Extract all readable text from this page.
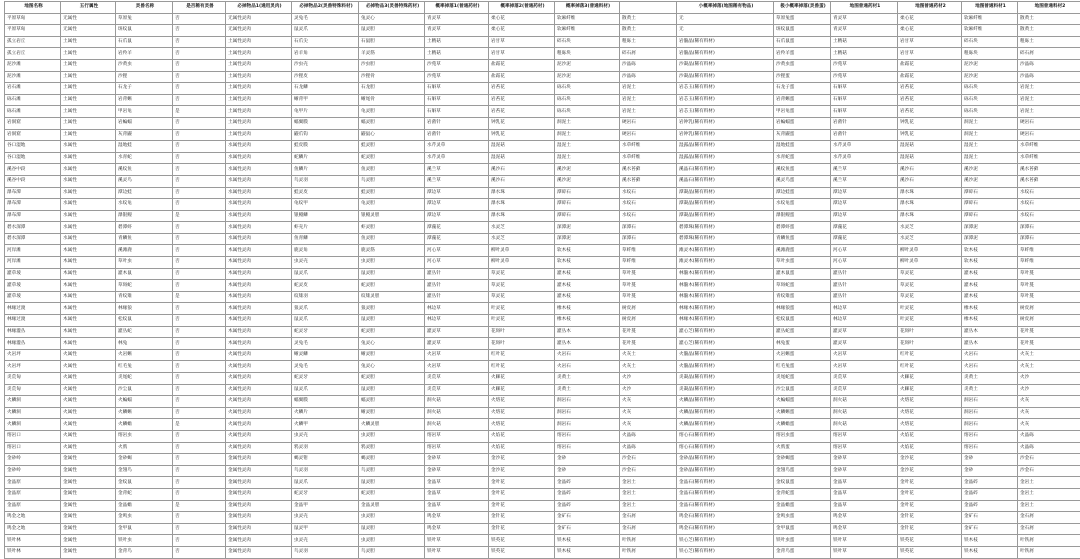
地图名称	五行属性	灵兽名称	是否稀有灵兽	必掉物品1(通用灵肉)	必掉物品2(灵兽特殊料材)	必掉物品3(灵兽特殊药材)	概率掉落1(普通药材)	概率掉落2(普通药材)	概率掉落3(普通料材)		小概率掉落(地图稀有物品)	极小概率掉落(灵兽蛋)	地图普通药材1	地图普通药材2	地图普通料材1	地图普通料材2
平原草甸	无属性	草原兔	否	无属性灵肉	灵兔毛	兔灵心	青灵草	柔心花	软麻纤维	散黄土	无	草原兔蛋	青灵草	柔心花	软麻纤维	散黄土
平原草甸	无属性	斑纹鼠	否	无属性灵肉	鼠灵爪	鼠灵胆	青灵草	柔心花	软麻纤维	散黄土	无	斑纹鼠蛋	青灵草	柔心花	软麻纤维	散黄土
孤立岩丘	土属性	石爪鼠	否	土属性灵肉	石爪尖	石鼠胆	土精菇	岩甘草	碎石块	粗砾土	岩髓晶(稀有料材)	石爪鼠蛋	土精菇	岩甘草	碎石块	粗砾土
孤立岩丘	土属性	岩羚羊	否	土属性灵肉	岩羊角	羊灵筋	土精菇	岩甘草	粗砾块	碎石屑	岩髓晶(稀有料材)	岩羚羊蛋	土精菇	岩甘草	粗砾块	碎石屑
泥沙滩	土属性	沙黄虫	否	土属性灵肉	沙虫壳	沙虫胆	沙苑草	盐霜花	泥沙泥	沙晶砾	沙凝晶(稀有料材)	沙黄虫蛋	沙苑草	盐霜花	泥沙泥	沙晶砾
泥沙滩	土属性	沙狸	否	土属性灵肉	沙狸皮	沙狸骨	沙苑草	盐霜花	泥沙泥	沙晶砾	沙凝晶(稀有料材)	沙狸蛋	沙苑草	盐霜花	泥沙泥	沙晶砾
岩石滩	土属性	石龙子	否	土属性灵肉	石龙鳞	石龙胆	石斛草	岩苔花	砾石块	岩泥土	岩芯玉(稀有料材)	石龙子蛋	石斛草	岩苔花	砾石块	岩泥土
砾石滩	土属性	岩背蜥	否	土属性灵肉	蜥背甲	蜥尾骨	石斛草	岩苔花	砾石块	岩泥土	岩芯玉(稀有料材)	岩背蜥蛋	石斛草	岩苔花	砾石块	岩泥土
砾石滩	土属性	甲岩龟	是	土属性灵肉	龟甲片	龟灵胆	石斛草	岩苔花	砾石块	岩泥土	岩芯玉(稀有料材)	甲岩龟蛋	石斛草	岩苔花	砾石块	岩泥土
岩洞窟	土属性	岩蝙蝠	否	土属性灵肉	蝠翼膜	蝠灵胆	岩菌针	钟乳花	洞泥土	硬岩石	岩钟乳(稀有料材)	岩蝙蝠蛋	岩菌针	钟乳花	洞泥土	硬岩石
岩洞窟	土属性	灰背鼹	否	土属性灵肉	鼹爪钩	鼹鼠心	岩菌针	钟乳花	洞泥土	硬岩石	岩钟乳(稀有料材)	灰背鼹蛋	岩菌针	钟乳花	洞泥土	硬岩石
谷口湿地	水属性	湿地蛙	否	水属性灵肉	蛙皮膜	蛙灵胆	水芹灵草	湿泥菇	湿泥土	水草纤维	湿露晶(稀有料材)	湿地蛙蛋	水芹灵草	湿泥菇	湿泥土	水草纤维
谷口湿地	水属性	水青蛇	否	水属性灵肉	蛇鳞片	蛇灵胆	水芹灵草	湿泥菇	湿泥土	水草纤维	湿露晶(稀有料材)	水青蛇蛋	水芹灵草	湿泥菇	湿泥土	水草纤维
溪谷中段	水属性	溪纹鱼	否	水属性灵肉	鱼鳞片	鱼灵胆	溪兰草	溪沙石	溪沙泥	溪水苔藓	溪晶石(稀有料材)	溪纹鱼蛋	溪兰草	溪沙石	溪沙泥	溪水苔藓
溪谷中段	水属性	溪灵鸟	否	水属性灵肉	鸟灵羽	鸟灵胆	溪兰草	溪沙石	溪沙泥	溪水苔藓	溪晶石(稀有料材)	溪灵鸟蛋	溪兰草	溪沙石	溪沙泥	溪水苔藓
瀑布潭	水属性	潭边蛙	否	水属性灵肉	蛙灵皮	蛙灵胆	潭边草	瀑水珠	潭碎石	水纹石	潭凝晶(稀有料材)	潭边蛙蛋	潭边草	瀑水珠	潭碎石	水纹石
瀑布潭	水属性	水纹龟	否	水属性灵肉	龟纹甲	龟灵胆	潭边草	瀑水珠	潭碎石	水纹石	潭凝晶(稀有料材)	水纹龟蛋	潭边草	瀑水珠	潭碎石	水纹石
瀑布潭	水属性	瀑银鳗	是	水属性灵肉	银鳗鳞	银鳗灵胆	潭边草	瀑水珠	潭碎石	水纹石	潭凝晶(稀有料材)	瀑银鳗蛋	潭边草	瀑水珠	潭碎石	水纹石
碧水深潭	水属性	碧潭虾	否	水属性灵肉	虾壳片	虾灵胆	潭藻花	水灵芝	深潭泥	深潭石	碧潭珠(稀有料材)	碧潭虾蛋	潭藻花	水灵芝	深潭泥	深潭石
碧水深潭	水属性	青鳞鱼	否	水属性灵肉	鱼青鳞	鱼灵胆	潭藻花	水灵芝	深潭泥	深潭石	碧潭珠(稀有料材)	青鳞鱼蛋	潭藻花	水灵芝	深潭泥	深潭石
河岸滩	木属性	溪滩鹿	否	木属性灵肉	鹿灵角	鹿灵筋	河心草	柳叶灵草	软木枝	草纤维	滩灵木(稀有料材)	溪滩鹿蛋	河心草	柳叶灵草	软木枝	草纤维
河岸滩	木属性	草叶虫	否	木属性灵肉	虫灵壳	虫灵胆	河心草	柳叶灵草	软木枝	草纤维	滩灵木(稀有料材)	草叶虫蛋	河心草	柳叶灵草	软木枝	草纤维
灌草坡	木属性	灌木鼠	否	木属性灵肉	鼠灵爪	鼠灵胆	灌丛针	草灵花	灌木枝	草叶蔓	林髓木(稀有料材)	灌木鼠蛋	灌丛针	草灵花	灌木枝	草叶蔓
灌草坡	木属性	草斑蛇	否	木属性灵肉	蛇灵皮	蛇灵胆	灌丛针	草灵花	灌木枝	草叶蔓	林髓木(稀有料材)	草斑蛇蛋	灌丛针	草灵花	灌木枝	草叶蔓
灌草坡	木属性	青纹雉	是	木属性灵肉	纹雉羽	纹雉灵胆	灌丛针	草灵花	灌木枝	草叶蔓	林髓木(稀有料材)	青纹雉蛋	灌丛针	草灵花	灌木枝	草叶蔓
林缘过渡	木属性	林缘狼	否	木属性灵肉	狼灵爪	狼灵胆	林边草	叶灵花	橡木枝	树皮屑	林缘木(稀有料材)	林缘狼蛋	林边草	叶灵花	橡木枝	树皮屑
林缘过渡	木属性	松纹鼠	否	木属性灵肉	鼠灵爪	鼠灵胆	林边草	叶灵花	橡木枝	树皮屑	林缘木(稀有料材)	松纹鼠蛋	林边草	叶灵花	橡木枝	树皮屑
林缘灌丛	木属性	灌丛蛇	否	木属性灵肉	蛇灵牙	蛇灵胆	灌灵草	花斑叶	灌丛木	花叶蔓	灌心芝(稀有料材)	灌丛蛇蛋	灌灵草	花斑叶	灌丛木	花叶蔓
林缘灌丛	木属性	林兔	否	木属性灵肉	灵兔毛	兔灵心	灌灵草	花斑叶	灌丛木	花叶蔓	灌心芝(稀有料材)	林兔蛋	灌灵草	花斑叶	灌丛木	花叶蔓
火岩坪	火属性	火岩蜥	否	火属性灵肉	蜥灵鳞	蜥灵胆	火岩草	红叶花	火岩石	火灰土	火髓晶(稀有料材)	火岩蜥蛋	火岩草	红叶花	火岩石	火灰土
火岩坪	火属性	红毛兔	否	火属性灵肉	灵兔毛	兔灵心	火岩草	红叶花	火岩石	火灰土	火髓晶(稀有料材)	红毛兔蛋	火岩草	红叶花	火岩石	火灰土
炎荒甸	火属性	炎尾蛇	否	火属性灵肉	蛇灵牙	蛇灵胆	炎荒草	火棘花	炎黄土	火沙	炎凝晶(稀有料材)	炎尾蛇蛋	炎荒草	火棘花	炎黄土	火沙
炎荒甸	火属性	沙尘鼠	否	火属性灵肉	鼠灵爪	鼠灵胆	炎荒草	火棘花	炎黄土	火沙	炎凝晶(稀有料材)	沙尘鼠蛋	炎荒草	火棘花	炎黄土	火沙
火鳞洞	火属性	火蝙蝠	否	火属性灵肉	蝠翼膜	蝠灵胆	洞火菇	火熔花	洞岩石	火灰	火鳞晶(稀有料材)	火蝙蝠蛋	洞火菇	火熔花	洞岩石	火灰
火鳞洞	火属性	火鳞蜥	否	火属性灵肉	火鳞片	蜥灵胆	洞火菇	火熔花	洞岩石	火灰	火鳞晶(稀有料材)	火鳞蜥蛋	洞火菇	火熔花	洞岩石	火灰
火鳞洞	火属性	火鳞蟾	是	火属性灵肉	火鳞甲	火鳞灵胆	洞火菇	火熔花	洞岩石	火灰	火鳞晶(稀有料材)	火鳞蟾蛋	洞火菇	火熔花	洞岩石	火灰
熔岩口	火属性	熔岩虫	否	火属性灵肉	虫灵壳	虫灵胆	熔岩草	火焰花	熔岩石	火晶砾	熔心石(稀有料材)	熔岩虫蛋	熔岩草	火焰花	熔岩石	火晶砾
熔岩口	火属性	火鸦	否	火属性灵肉	鸦灵羽	鸦灵胆	熔岩草	火焰花	熔岩石	火晶砾	熔心石(稀有料材)	火鸦蛋	熔岩草	火焰花	熔岩石	火晶砾
金砂岭	金属性	金砂蝎	否	金属性灵肉	蝎灵钳	蝎灵胆	金砂草	金沙花	金砂	沙金石	金砂晶(稀有料材)	金砂蝎蛋	金砂草	金沙花	金砂	沙金石
金砂岭	金属性	金翅鸟	否	金属性灵肉	鸟灵羽	鸟灵胆	金砂草	金沙花	金砂	沙金石	金砂晶(稀有料材)	金翅鸟蛋	金砂草	金沙花	金砂	沙金石
金晶原	金属性	金纹鼠	否	金属性灵肉	鼠灵爪	鼠灵胆	金晶草	金叶花	金晶碎	金岩土	金晶石(稀有料材)	金纹鼠蛋	金晶草	金叶花	金晶碎	金岩土
金晶原	金属性	金背蛇	否	金属性灵肉	蛇灵牙	蛇灵胆	金晶草	金叶花	金晶碎	金岩土	金晶石(稀有料材)	金背蛇蛋	金晶草	金叶花	金晶碎	金岩土
金晶原	金属性	金晶蟾	是	金属性灵肉	金晶甲	金晶灵胆	金晶草	金叶花	金晶碎	金岩土	金晶石(稀有料材)	金晶蟾蛋	金晶草	金叶花	金晶碎	金岩土
鸣金之地	金属性	金鸣虫	否	金属性灵肉	虫灵壳	虫灵胆	鸣金草	金针花	金矿石	金石屑	鸣金石(稀有料材)	金鸣虫蛋	鸣金草	金针花	金矿石	金石屑
鸣金之地	金属性	金甲鼠	否	金属性灵肉	鼠灵甲	鼠灵胆	鸣金草	金针花	金矿石	金石屑	鸣金石(稀有料材)	金甲鼠蛋	鸣金草	金针花	金矿石	金石屑
铁叶林	金属性	铁叶虫	否	金属性灵肉	虫灵壳	虫灵胆	铁叶草	铁英花	铁木枝	叶铁屑	铁心芝(稀有料材)	铁叶虫蛋	铁叶草	铁英花	铁木枝	叶铁屑
铁叶林	金属性	金背鸟	否	金属性灵肉	鸟灵羽	鸟灵胆	铁叶草	铁英花	铁木枝	叶铁屑	铁心芝(稀有料材)	金背鸟蛋	铁叶草	铁英花	铁木枝	叶铁屑
